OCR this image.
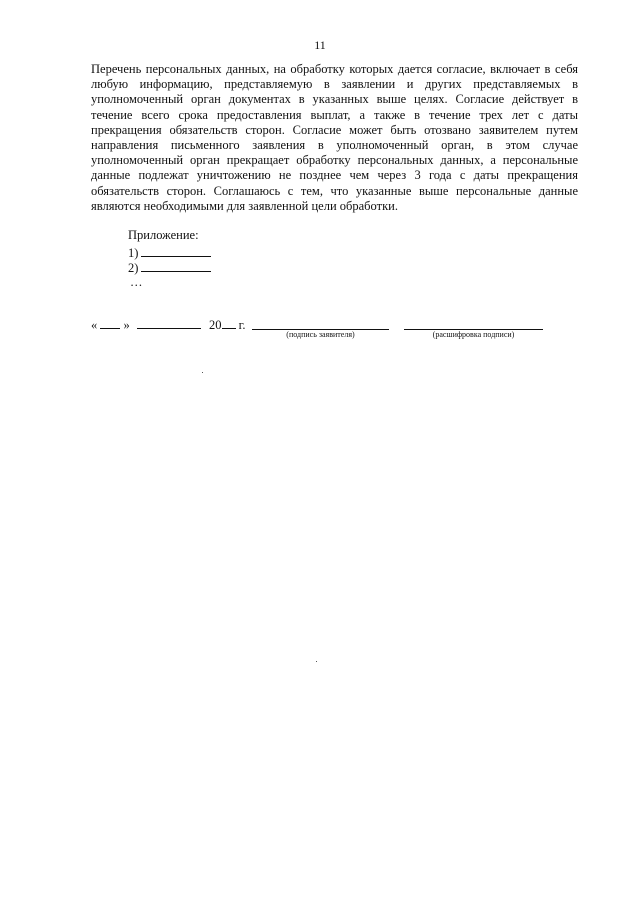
11
Перечень персональных данных, на обработку которых дается согласие, включает в себя любую информацию, представляемую в заявлении и других представляемых в уполномоченный орган документах в указанных выше целях. Согласие действует в течение всего срока предоставления выплат, а также в течение трех лет с даты прекращения обязательств сторон. Согласие может быть отозвано заявителем путем направления письменного заявления в уполномоченный орган, в этом случае уполномоченный орган прекращает обработку персональных данных, а персональные данные подлежат уничтожению не позднее чем через 3 года с даты прекращения обязательств сторон. Соглашаюсь с тем, что указанные выше персональные данные являются необходимыми для заявленной цели обработки.
Приложение:
1)
2)
…
« »	20 г.
(подпись заявителя)	(расшифровка подписи)
